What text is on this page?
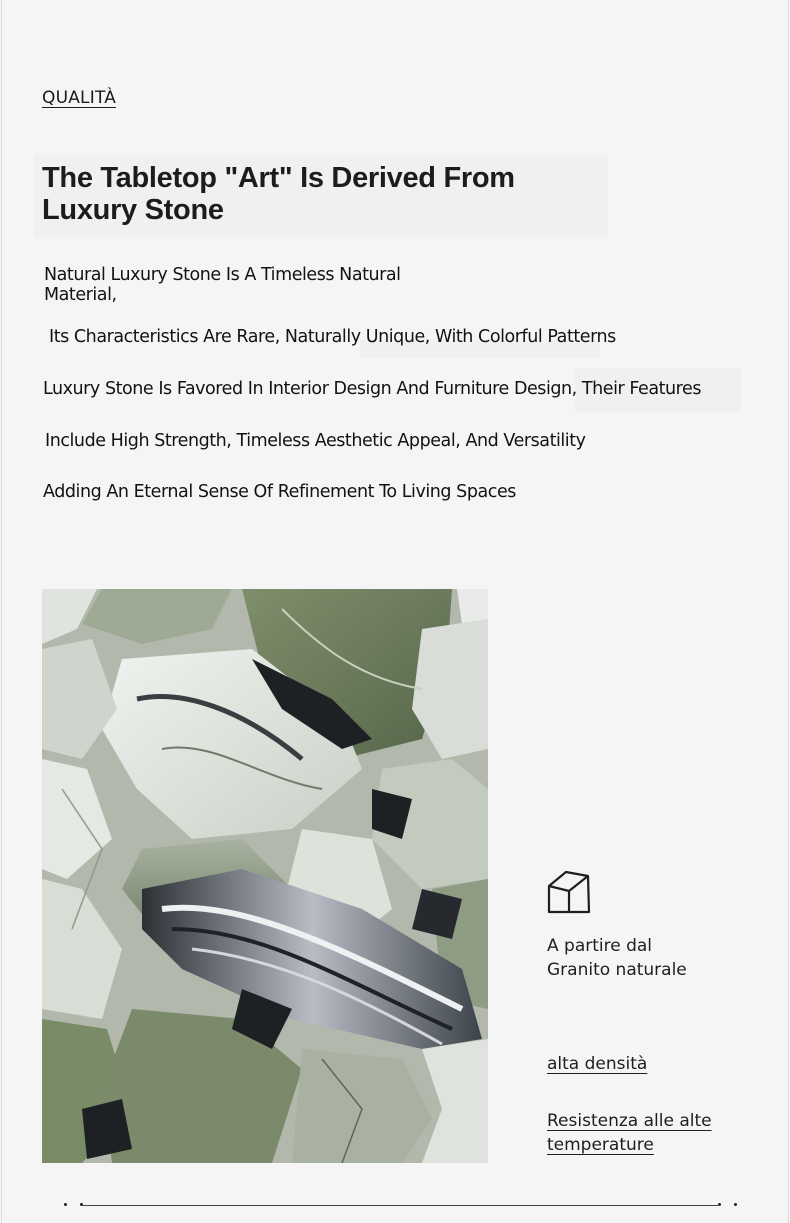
QUALITÀ
The Tabletop "Art" Is Derived From
Luxury Stone

Natural Luxury Stone Is A Timeless Natural
Material,

Its Characteristics Are Rare, Naturally Unique, With Colorful Patterns

Luxury Stone Is Favored In Interior Design And Furniture Design, Their Features

Include High Strength, Timeless Aesthetic Appeal, And Versatility

Adding An Eternal Sense Of Refinement To Living Spaces

A partire dal
Granito naturale

alta densità

Resistenza alle alte
temperature
